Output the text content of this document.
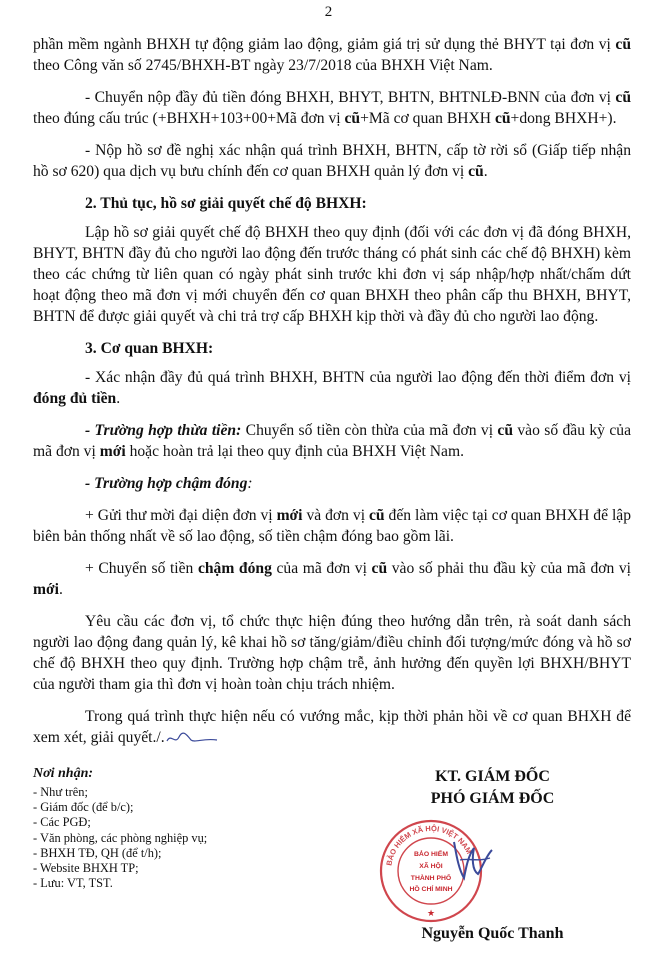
2

phần mềm ngành BHXH tự động giảm lao động, giảm giá trị sử dụng thẻ BHYT tại đơn vị cũ theo Công văn số 2745/BHXH-BT ngày 23/7/2018 của BHXH Việt Nam.

- Chuyển nộp đầy đủ tiền đóng BHXH, BHYT, BHTN, BHTNLĐ-BNN của đơn vị cũ theo đúng cấu trúc (+BHXH+103+00+Mã đơn vị cũ+Mã cơ quan BHXH cũ+dong BHXH+).

- Nộp hồ sơ đề nghị xác nhận quá trình BHXH, BHTN, cấp tờ rời sổ (Giấp tiếp nhận hồ sơ 620) qua dịch vụ bưu chính đến cơ quan BHXH quản lý đơn vị cũ.

2. Thủ tục, hồ sơ giải quyết chế độ BHXH:

Lập hồ sơ giải quyết chế độ BHXH theo quy định (đối với các đơn vị đã đóng BHXH, BHYT, BHTN đầy đủ cho người lao động đến trước tháng có phát sinh các chế độ BHXH) kèm theo các chứng từ liên quan có ngày phát sinh trước khi đơn vị sáp nhập/hợp nhất/chấm dứt hoạt động theo mã đơn vị mới chuyển đến cơ quan BHXH theo phân cấp thu BHXH, BHYT, BHTN để được giải quyết và chi trả trợ cấp BHXH kịp thời và đầy đủ cho người lao động.

3. Cơ quan BHXH:

- Xác nhận đầy đủ quá trình BHXH, BHTN của người lao động đến thời điểm đơn vị đóng đủ tiền.

- Trường hợp thừa tiền: Chuyển số tiền còn thừa của mã đơn vị cũ vào số đầu kỳ của mã đơn vị mới hoặc hoàn trả lại theo quy định của BHXH Việt Nam.

- Trường hợp chậm đóng:

+ Gửi thư mời đại diện đơn vị mới và đơn vị cũ đến làm việc tại cơ quan BHXH để lập biên bản thống nhất về số lao động, số tiền chậm đóng bao gồm lãi.

+ Chuyển số tiền chậm đóng của mã đơn vị cũ vào số phải thu đầu kỳ của mã đơn vị mới.

Yêu cầu các đơn vị, tổ chức thực hiện đúng theo hướng dẫn trên, rà soát danh sách người lao động đang quản lý, kê khai hồ sơ tăng/giảm/điều chỉnh đối tượng/mức đóng và hồ sơ chế độ BHXH theo quy định. Trường hợp chậm trễ, ảnh hưởng đến quyền lợi BHXH/BHYT của người tham gia thì đơn vị hoàn toàn chịu trách nhiệm.

Trong quá trình thực hiện nếu có vướng mắc, kịp thời phản hồi về cơ quan BHXH để xem xét, giải quyết./.

Nơi nhận:
- Như trên;
- Giám đốc (để b/c);
- Các PGĐ;
- Văn phòng, các phòng nghiệp vụ;
- BHXH TĐ, QH (để t/h);
- Website BHXH TP;
- Lưu: VT, TST.
KT. GIÁM ĐỐC
PHÓ GIÁM ĐỐC
BẢO HIỂM XÃ HỘI VIỆT NAM
BẢO HIỂM
XÃ HỘI
THÀNH PHỐ
HỒ CHÍ MINH
★
Nguyễn Quốc Thanh
